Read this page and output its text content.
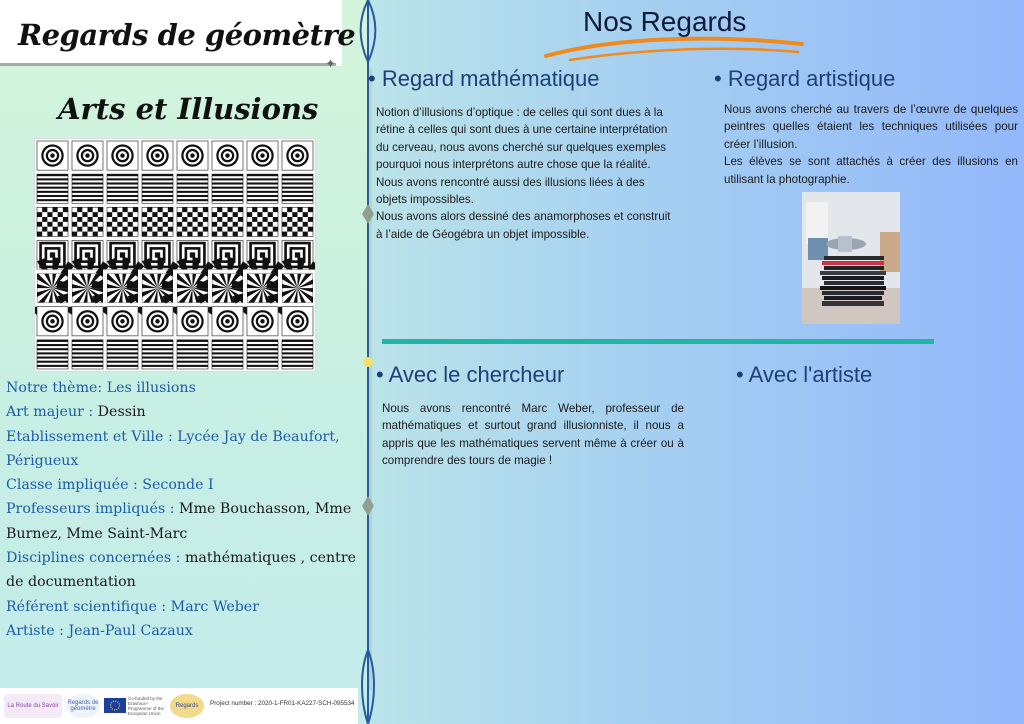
Regards de géomètre
✦
Arts et Illusions
Notre thème: Les illusions
Art majeur : Dessin
Etablissement et Ville : Lycée Jay de Beaufort, Périgueux
Classe impliquée : Seconde I
Professeurs impliqués : Mme Bouchasson, Mme Burnez, Mme Saint-Marc
Disciplines concernées : mathématiques , centre de documentation
Référent scientifique : Marc Weber
Artiste : Jean-Paul Cazaux
La Route du Savoir	Regards de géomètre
Co-funded by the Erasmus+ Programme of the European Union
Regards	Project number : 2020-1-FR01-KA227-SCH-095534
Nos Regards
• Regard mathématique
Notion d’illusions d’optique : de celles qui sont dues à la rétine à celles qui sont dues à une certaine interprétation du cerveau, nous avons cherché sur quelques exemples pourquoi nous interprétons autre chose que la réalité. Nous avons rencontré aussi des illusions liées à des objets impossibles.
Nous avons alors dessiné des anamorphoses et construit à l’aide de Géogébra un objet impossible.
• Regard artistique
Nous avons cherché au travers de l’œuvre de quelques peintres quelles étaient les techniques utilisées pour créer l’illusion.
Les élèves se sont attachés à créer des illusions en utilisant la photographie.
• Avec le chercheur
Nous avons rencontré Marc Weber, professeur de mathématiques et surtout grand illusionniste, il nous a appris que les mathématiques servent même à créer ou à comprendre des tours de magie !
• Avec l'artiste
